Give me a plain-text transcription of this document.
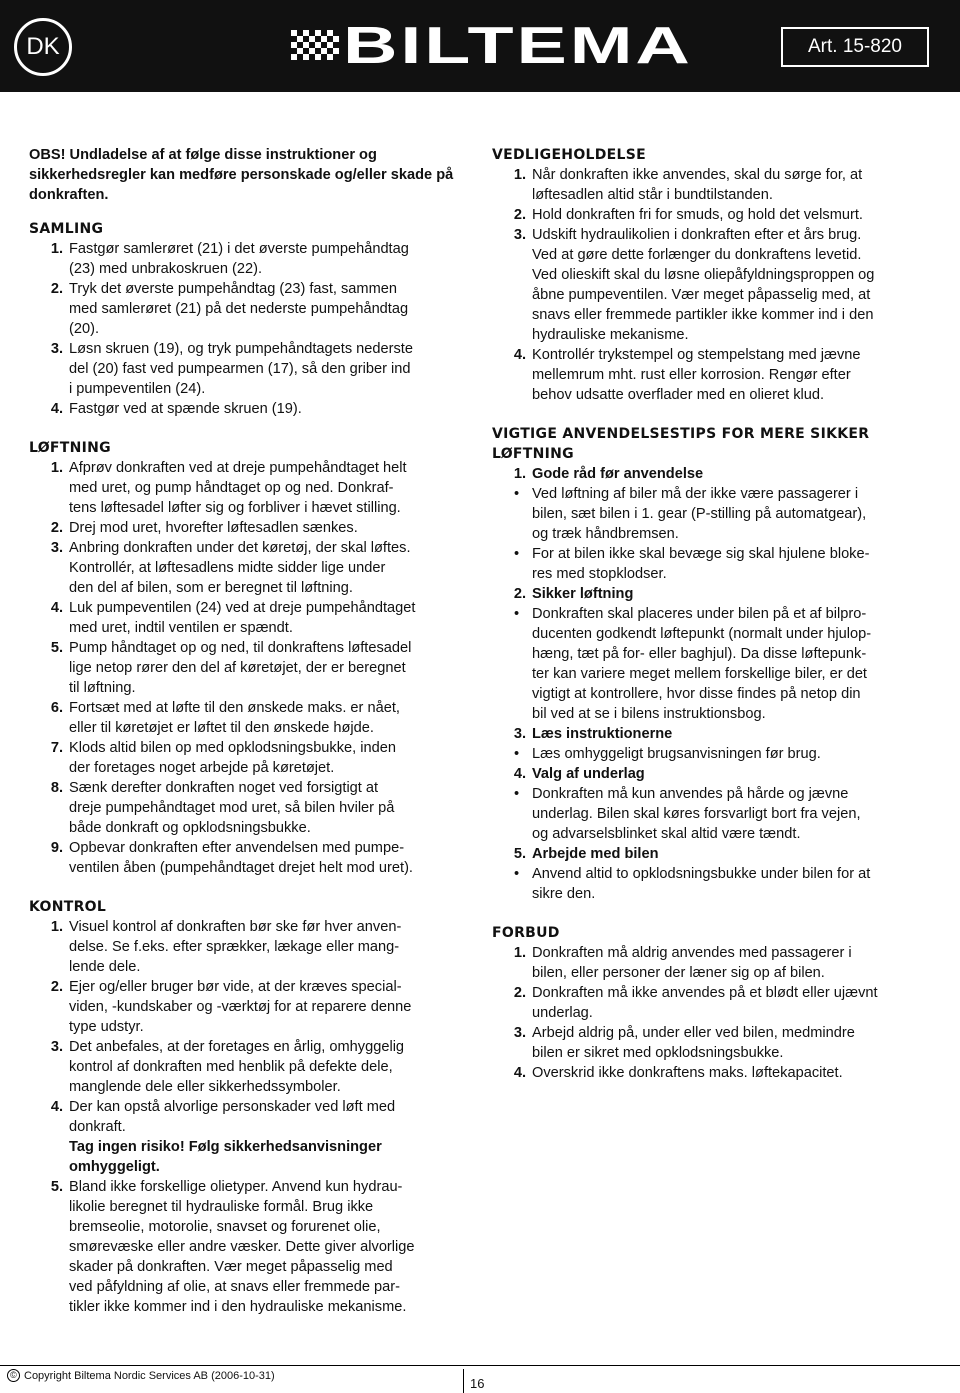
DK	BILTEMA	Art. 15-820

OBS! Undladelse af at følge disse instruktioner og sikkerhedsregler kan medføre personskade og/eller skade på donkraften.

SAMLING

1. Fastgør samlerøret (21) i det øverste pumpehåndtag
(23) med unbrakoskruen (22).
2. Tryk det øverste pumpehåndtag (23) fast, sammen
med samlerøret (21) på det nederste pumpehåndtag
(20).
3. Løsn skruen (19), og tryk pumpehåndtagets nederste
del (20) fast ved pumpearmen (17), så den griber ind
i pumpeventilen (24).
4. Fastgør ved at spænde skruen (19).

LØFTNING

1. Afprøv donkraften ved at dreje pumpehåndtaget helt
med uret, og pump håndtaget op og ned. Donkraf-
tens løftesadel løfter sig og forbliver i hævet stilling.
2. Drej mod uret, hvorefter løftesadlen sænkes.
3. Anbring donkraften under det køretøj, der skal løftes.
Kontrollér, at løftesadlens midte sidder lige under
den del af bilen, som er beregnet til løftning.
4. Luk pumpeventilen (24) ved at dreje pumpehåndtaget
med uret, indtil ventilen er spændt.
5. Pump håndtaget op og ned, til donkraftens løftesadel
lige netop rører den del af køretøjet, der er beregnet
til løftning.
6. Fortsæt med at løfte til den ønskede maks. er nået,
eller til køretøjet er løftet til den ønskede højde.
7. Klods altid bilen op med opklodsningsbukke, inden
der foretages noget arbejde på køretøjet.
8. Sænk derefter donkraften noget ved forsigtigt at
dreje pumpehåndtaget mod uret, så bilen hviler på
både donkraft og opklodsningsbukke.
9. Opbevar donkraften efter anvendelsen med pumpe-
ventilen åben (pumpehåndtaget drejet helt mod uret).

KONTROL

1. Visuel kontrol af donkraften bør ske før hver anven-
delse. Se f.eks. efter sprækker, lækage eller mang-
lende dele.
2. Ejer og/eller bruger bør vide, at der kræves special-
viden, -kundskaber og -værktøj for at reparere denne
type udstyr.
3. Det anbefales, at der foretages en årlig, omhyggelig
kontrol af donkraften med henblik på defekte dele,
manglende dele eller sikkerhedssymboler.
4. Der kan opstå alvorlige personskader ved løft med
donkraft.
Tag ingen risiko! Følg sikkerhedsanvisninger
omhyggeligt.
5. Bland ikke forskellige olietyper. Anvend kun hydrau-
likolie beregnet til hydrauliske formål. Brug ikke
bremseolie, motorolie, snavset og forurenet olie,
smørevæske eller andre væsker. Dette giver alvorlige
skader på donkraften. Vær meget påpasselig med
ved påfyldning af olie, at snavs eller fremmede par-
tikler ikke kommer ind i den hydrauliske mekanisme.

VEDLIGEHOLDELSE

1. Når donkraften ikke anvendes, skal du sørge for, at
løftesadlen altid står i bundtilstanden.
2. Hold donkraften fri for smuds, og hold det velsmurt.
3. Udskift hydraulikolien i donkraften efter et års brug.
Ved at gøre dette forlænger du donkraftens levetid.
Ved olieskift skal du løsne oliepåfyldningsproppen og
åbne pumpeventilen. Vær meget påpasselig med, at
snavs eller fremmede partikler ikke kommer ind i den
hydrauliske mekanisme.
4. Kontrollér trykstempel og stempelstang med jævne
mellemrum mht. rust eller korrosion. Rengør efter
behov udsatte overflader med en olieret klud.

VIGTIGE ANVENDELSESTIPS FOR MERE SIKKER

LØFTNING

1. Gode råd før anvendelse
• Ved løftning af biler må der ikke være passagerer i
bilen, sæt bilen i 1. gear (P-stilling på automatgear),
og træk håndbremsen.
• For at bilen ikke skal bevæge sig skal hjulene bloke-
res med stopklodser.
2. Sikker løftning
• Donkraften skal placeres under bilen på et af bilpro-
ducenten godkendt løftepunkt (normalt under hjulop-
hæng, tæt på for- eller baghjul). Da disse løftepunk-
ter kan variere meget mellem forskellige biler, er det
vigtigt at kontrollere, hvor disse findes på netop din
bil ved at se i bilens instruktionsbog.
3. Læs instruktionerne
• Læs omhyggeligt brugsanvisningen før brug.
4. Valg af underlag
• Donkraften må kun anvendes på hårde og jævne
underlag. Bilen skal køres forsvarligt bort fra vejen,
og advarselsblinket skal altid være tændt.
5. Arbejde med bilen
• Anvend altid to opklodsningsbukke under bilen for at
sikre den.

FORBUD

1. Donkraften må aldrig anvendes med passagerer i
bilen, eller personer der læner sig op af bilen.
2. Donkraften må ikke anvendes på et blødt eller ujævnt
underlag.
3. Arbejd aldrig på, under eller ved bilen, medmindre
bilen er sikret med opklodsningsbukke.
4. Overskrid ikke donkraftens maks. løftekapacitet.
© Copyright Biltema Nordic Services AB (2006-10-31)
16
